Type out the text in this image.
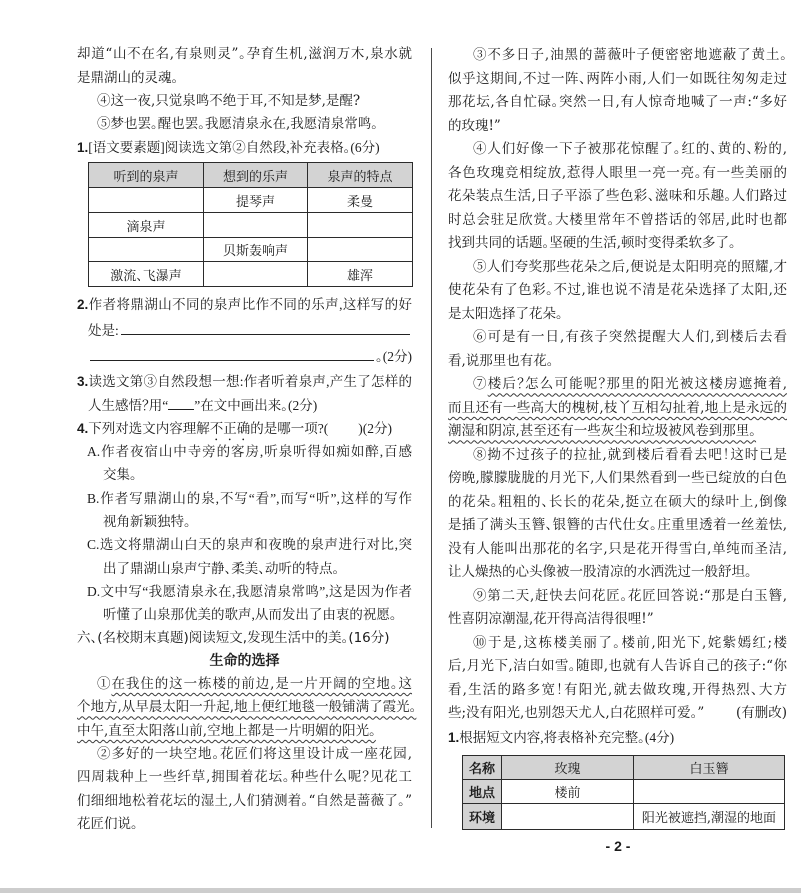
却道“山不在名,有泉则灵”。孕育生机,滋润万木,泉水就
是鼎湖山的灵魂。
④这一夜,只觉泉鸣不绝于耳,不知是梦,是醒?
⑤梦也罢。醒也罢。我愿清泉永在,我愿清泉常鸣。
1.[语文要素题]阅读选文第②自然段,补充表格。(6分)
听到的泉声	想到的乐声	泉声的特点
	提琴声	柔曼
滴泉声		
	贝斯轰响声	
激流、飞瀑声		雄浑
2.作者将鼎湖山不同的泉声比作不同的乐声,这样写的好
处是:
。(2分)
3.读选文第③自然段想一想:作者听着泉声,产生了怎样的
人生感悟？用“ ”在文中画出来。(2分)
4.下列对选文内容理解不正确的是哪一项?( )(2分)
A.作者夜宿山中寺旁的客房,听泉听得如痴如醉,百感
交集。
B.作者写鼎湖山的泉,不写“看”,而写“听”,这样的写作
视角新颖独特。
C.选文将鼎湖山白天的泉声和夜晚的泉声进行对比,突
出了鼎湖山泉声宁静、柔美、动听的特点。
D.文中写“我愿清泉永在,我愿清泉常鸣”,这是因为作者
听懂了山泉那优美的歌声,从而发出了由衷的祝愿。
六、(名校期末真题)阅读短文,发现生活中的美。(16分)
生命的选择
①在我住的这一栋楼的前边,是一片开阔的空地。这
个地方,从早晨太阳一升起,地上便红地毯一般铺满了霞光。
中午,直至太阳落山前,空地上都是一片明媚的阳光。
②多好的一块空地。花匠们将这里设计成一座花园,
四周栽种上一些纤草,拥围着花坛。种些什么呢？见花工
们细细地松着花坛的湿土,人们猜测着。“自然是蔷薇了。”
花匠们说。
③不多日子,油黑的蔷薇叶子便密密地遮蔽了黄土。
似乎这期间,不过一阵、两阵小雨,人们一如既往匆匆走过
那花坛,各自忙碌。突然一日,有人惊奇地喊了一声:“多好
的玫瑰!”
④人们好像一下子被那花惊醒了。红的、黄的、粉的,
各色玫瑰竞相绽放,惹得人眼里一亮一亮。有一些美丽的
花朵装点生活,日子平添了些色彩、滋味和乐趣。人们路过
时总会驻足欣赏。大楼里常年不曾搭话的邻居,此时也都
找到共同的话题。坚硬的生活,顿时变得柔软多了。
⑤人们夸奖那些花朵之后,便说是太阳明亮的照耀,才
使花朵有了色彩。不过,谁也说不清是花朵选择了太阳,还
是太阳选择了花朵。
⑥可是有一日,有孩子突然提醒大人们,到楼后去看
看,说那里也有花。
⑦楼后？怎么可能呢？那里的阳光被这楼房遮掩着,
而且还有一些高大的槐树,枝丫互相勾扯着,地上是永远的
潮湿和阴凉,甚至还有一些灰尘和垃圾被风卷到那里。
⑧拗不过孩子的拉扯,就到楼后看看去吧！这时已是
傍晚,朦朦胧胧的月光下,人们果然看到一些已绽放的白色
的花朵。粗粗的、长长的花朵,挺立在硕大的绿叶上,倒像
是插了满头玉簪、银簪的古代仕女。庄重里透着一丝羞怯,
没有人能叫出那花的名字,只是花开得雪白,单纯而圣洁,
让人燥热的心头像被一股清凉的水洒洗过一般舒坦。
⑨第二天,赶快去问花匠。花匠回答说:“那是白玉簪,
性喜阴凉潮湿,花开得高洁得很哩!”
⑩于是,这栋楼美丽了。楼前,阳光下,姹紫嫣红;楼
后,月光下,洁白如雪。随即,也就有人告诉自己的孩子:“你
看,生活的路多宽！有阳光,就去做玫瑰,开得热烈、大方
些;没有阳光,也别怨天尤人,白花照样可爱。” (有删改)
1.根据短文内容,将表格补充完整。(4分)
名称	玫瑰	白玉簪
地点	楼前	
环境		阳光被遮挡,潮湿的地面
- 2 -
